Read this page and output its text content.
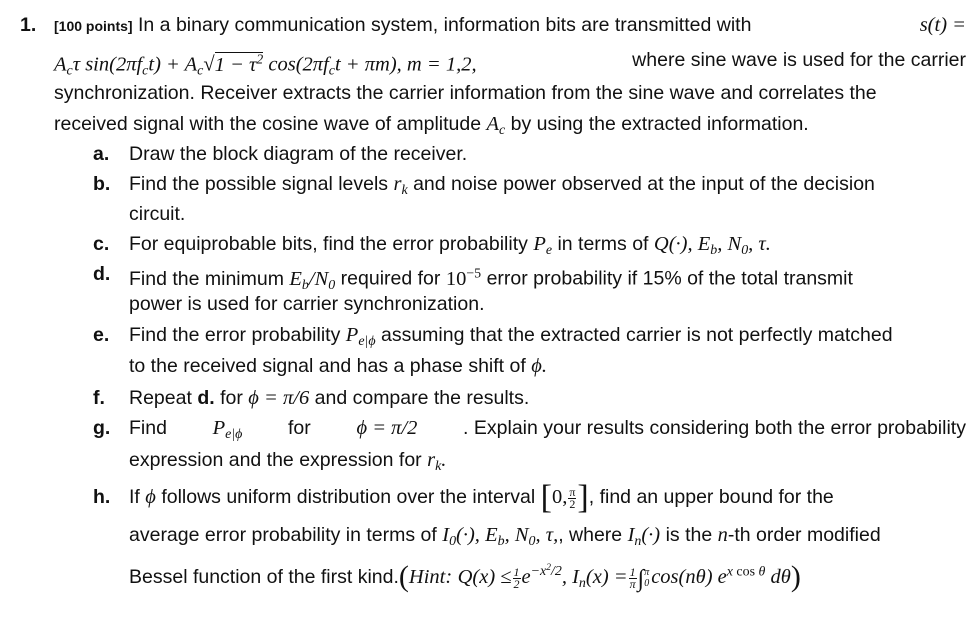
1. [100 points] In a binary communication system, information bits are transmitted with	s(t) =
$A_c\tau$ $\sin(2\pi f_ct) + A_c√1 - \tau^2$ $\cos(2\pi f_ct + \pi m)$, m = 1,2,	where sine wave is used for the carrier
synchronization. Receiver extracts the carrier information from the sine wave and correlates the
received signal with the cosine wave of amplitude $A_c$ by using the extracted information.
a. Draw the block diagram of the receiver.
b. Find the possible signal levels $r_k$ and noise power observed at the input of the decision
circuit.
c. For equiprobable bits, find the error probability $P_e$ in terms of Q(·), $E_b$, $N_0$, τ.
d. Find the minimum $E_b/N_0$ required for $10^{-5}$ error probability if 15% of the total transmit
power is used for carrier synchronization.
e. Find the error probability $P_{e|\phi}$ assuming that the extracted carrier is not perfectly matched
to the received signal and has a phase shift of ϕ.
f. Repeat d. for ϕ = π/6 and compare the results.
g. Find $P_{e|\phi}$ for ϕ = π/2 . Explain your results considering both the error probability
expression and the expression for $r_k$.
h. If ϕ follows uniform distribution over the interval [0, $\frac{\pi}{2}$ ], find an upper bound for the
average error probability in terms of $I_0(\cdot)$, $E_b$, $N_0$, τ,, where $I_n(\cdot)$ is the n-th order modified
Bessel function of the first kind.(Hint: $Q(x) \le \frac{1}{2} e^{-x^2/2}$, $I_n(x) = \frac{1}{\pi}$ ∫ π
0 cos(nθ) $e^{x cos \theta}$ dθ)
